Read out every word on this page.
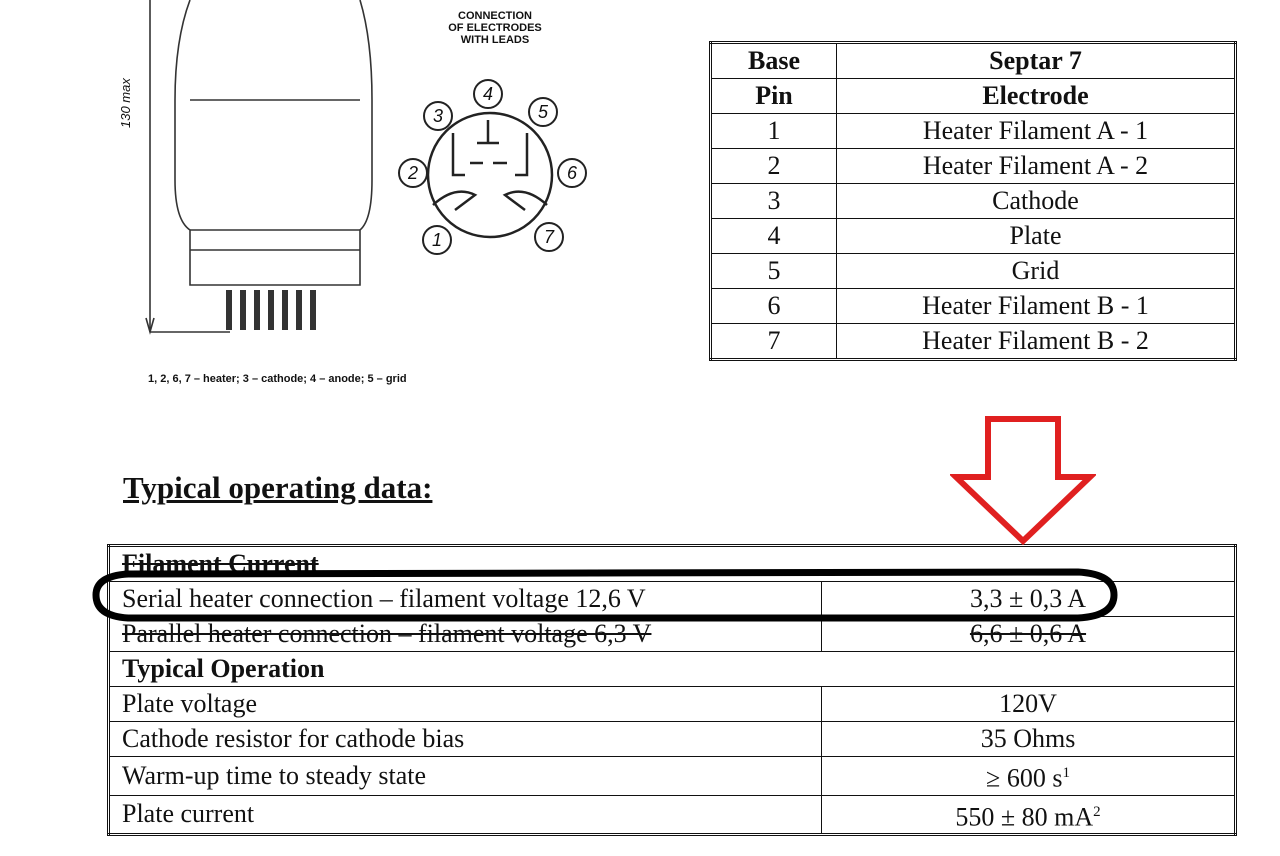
130 max
CONNECTION
OF ELECTRODES
WITH LEADS
1
2
3
4
5
6
7
1, 2, 6, 7 – heater; 3 – cathode; 4 – anode; 5 – grid
Base	Septar 7
Pin	Electrode
1	Heater Filament A - 1
2	Heater Filament A - 2
3	Cathode
4	Plate
5	Grid
6	Heater Filament B - 1
7	Heater Filament B - 2
Typical operating data:
Filament Current	
Serial heater connection – filament voltage 12,6 V	3,3 ± 0,3 A
Parallel heater connection – filament voltage 6,3 V	6,6 ± 0,6 A
Typical Operation	
Plate voltage	120V
Cathode resistor for cathode bias	35 Ohms
Warm-up time to steady state	≥ 600 $s^1$
Plate current	550 ± 80 $mA^2$
